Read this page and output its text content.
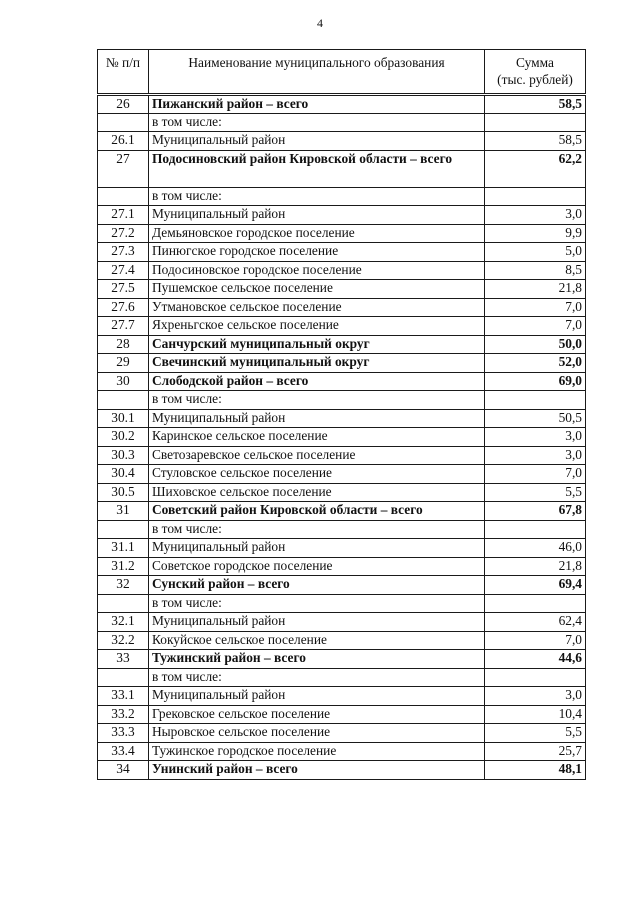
4
№ п/п	Наименование муниципального образования	Сумма
(тыс. рублей)

26	Пижанский район – всего	58,5
	в том числе:	
26.1	Муниципальный район	58,5
27	Подосиновский район Кировской области – всего	62,2
	в том числе:	
27.1	Муниципальный район	3,0
27.2	Демьяновское городское поселение	9,9
27.3	Пинюгское городское поселение	5,0
27.4	Подосиновское городское поселение	8,5
27.5	Пушемское сельское поселение	21,8
27.6	Утмановское сельское поселение	7,0
27.7	Яхреньгское сельское поселение	7,0
28	Санчурский муниципальный округ	50,0
29	Свечинский муниципальный округ	52,0
30	Слободской район – всего	69,0
	в том числе:	
30.1	Муниципальный район	50,5
30.2	Каринское сельское поселение	3,0
30.3	Светозаревское сельское поселение	3,0
30.4	Стуловское сельское поселение	7,0
30.5	Шиховское сельское поселение	5,5
31	Советский район Кировской области – всего	67,8
	в том числе:	
31.1	Муниципальный район	46,0
31.2	Советское городское поселение	21,8
32	Сунский район – всего	69,4
	в том числе:	
32.1	Муниципальный район	62,4
32.2	Кокуйское сельское поселение	7,0
33	Тужинский район – всего	44,6
	в том числе:	
33.1	Муниципальный район	3,0
33.2	Грековское сельское поселение	10,4
33.3	Ныровское сельское поселение	5,5
33.4	Тужинское городское поселение	25,7
34	Унинский район – всего	48,1
